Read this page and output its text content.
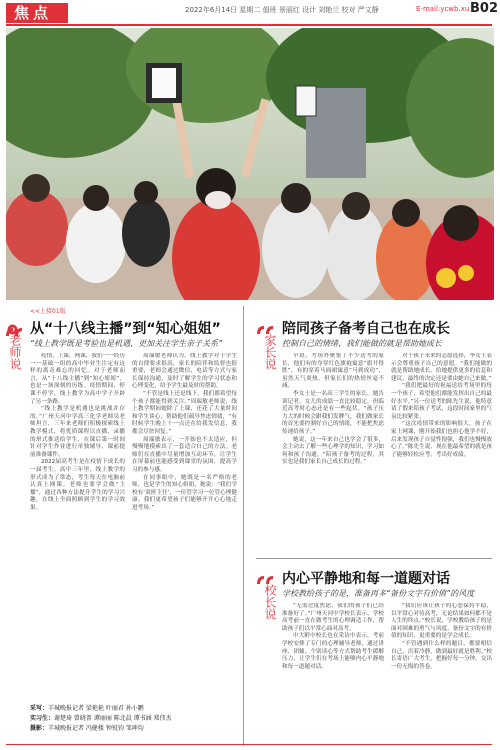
焦点	2022年6月14日 星期二 值班 景丽红 设计 刘艳兰 校对 严文静	E-mail:ycwb.xu B02
<<上接01版
从“十八线主播”到“知心姐姐”
“线上教学既是考验也是机遇，更加关注学生亲子关系”
老师说	疫情，上课，网课，我们一一经历一一基础一组的高中毕业生注定有这样的离奇难忘的回忆。对于老师而言，从“十八线主播”到“知心姐姐”，也是一场深刻的历练。疫情期间，停课不停学，线上教学为高中学子开辟了另一条路。

“线上教学是机遇也是挑战并存的。”广州天河中学高三化学老师吴老师坦言，三年来老师们积极探索线上教学模式，将优质课程以直播、录播的形式推送给学生，在课后第一时间针对学生作业进行单独辅导，课前提前准备课件。

2022届高考生是在疫情下成长的一届考生。高中三年里，线上教学的形式成为了常态，考生每天在电脑前认真上网课。老师也要学会做“主播”，通过各种方法提升学生的学习兴趣，在线上全面照顾到学生的学习效果。

周瑞敏老师认为，线上教学对于学生的自律要求很高，家长的陪伴和监督也很重要，老师会通过微信、电话等方式与家长保持沟通，及时了解学生的学习状态和心理变化，给予学生最及时的帮助。

“不管是线上还是线下，我们都希望每个孩子都能得到关注。”周瑞敏老师说，线上教学期间她除了上课，还花了大量时间和学生谈心，帮助他们疏导焦虑情绪，“有时候学生晚上十一点还在给我发信息，我都会尽快回复。”

周瑞敏表示，一开始也不太适应，但慢慢地摸索出了一套适合自己的方法。老师们在直播中尽量增加互动环节，让学生在屏幕前也能感受到课堂的氛围，提高学习的参与感。

在同事眼中，她既是一名严格的老师，也是学生的知心姐姐，她说：“我们学校有‘双班主任’，一位管学习一位管心理健康。我们更希望孩子们能够开开心心地走进考场。”

陪同孩子备考自己也在成长
控制自己的情绪，我们能做的就是帮助她成长
家长说	早晨，考场外聚集了不少送考的家长，他们有的身穿红色旗袍寓意“旗开得胜”，有的穿着马面裙寓意“马到成功”，虽然天气炎热，但家长们的热情丝毫不减。

李女士是一名高三学生的家长，她告诉记者，女儿的成绩一直比较稳定，但临近高考时心态还是有一些起伏。“孩子压力大的时候会跟我们发脾气，我们做家长的首先要控制好自己的情绪，不能把焦虑传递给孩子。”

她说，这一年来自己也学会了很多，会主动去了解一些心理学的知识，学习如何和孩子沟通。“陪孩子备考的过程，其实也是我们家长自己成长的过程。”

对于孩子未来的志愿选择，李女士表示会尊重孩子自己的意愿。“我们能做的就是帮助她成长，给她提供更多的信息和建议，最终的决定还是要由她自己来做。”

“我们把最好的祝福送给考场里的每一个孩子，希望他们都能发挥出自己的最好水平。”另一位送考的陈先生说，他特意请了假来陪孩子考试，这段时间家里的气氛比较紧张。

“这次疫情带来的影响很大，孩子在家上网课，刚开始我们也担心他学不好，后来发现孩子自觉性很强，我们也慢慢放心了。”陈先生说，现在他最希望的就是孩子能够轻松应考，考出好成绩。

内心平静地和每一道题对话
学校教给孩子的是，准备再多“备份文字有价值”的风度
校长说	“无需过度焦虑，我们的孩子们已经准备好了。”广州天河中学校长表示，学校高考前一直在做考生的心理调适工作，帮助孩子们以平常心面对高考。

中大附中校长也在采访中表示，考前学校安排了专门的心理辅导老师，通过讲座、团辅、个别谈心等方式帮助考生缓解压力，让学生们在考场上能够内心平静地和每一道题对话。

“我们应该让孩子的心态保持平稳，以平常心对待高考，无论结果如何都不是人生的终点。”校长说，学校教给孩子的是面对困难的勇气与风度，备份文字的有价值的知识，更重要的是学会成长。

“不管遇到什么样的题目，都要相信自己，沉着冷静，做到最好就是胜利。”校长寄语广大考生，把握好每一分钟，交出一份无悔的答卷。

采写：羊城晚报记者 梁艳艳 叶丽君 孙小鹏
实习生：谢楚琦 曾晓菁 谭丽丽 陈北晨 谭书涵 郑伟杰
摄影：羊城晚报记者 冯健楼 钟锐钧 邹坤均
